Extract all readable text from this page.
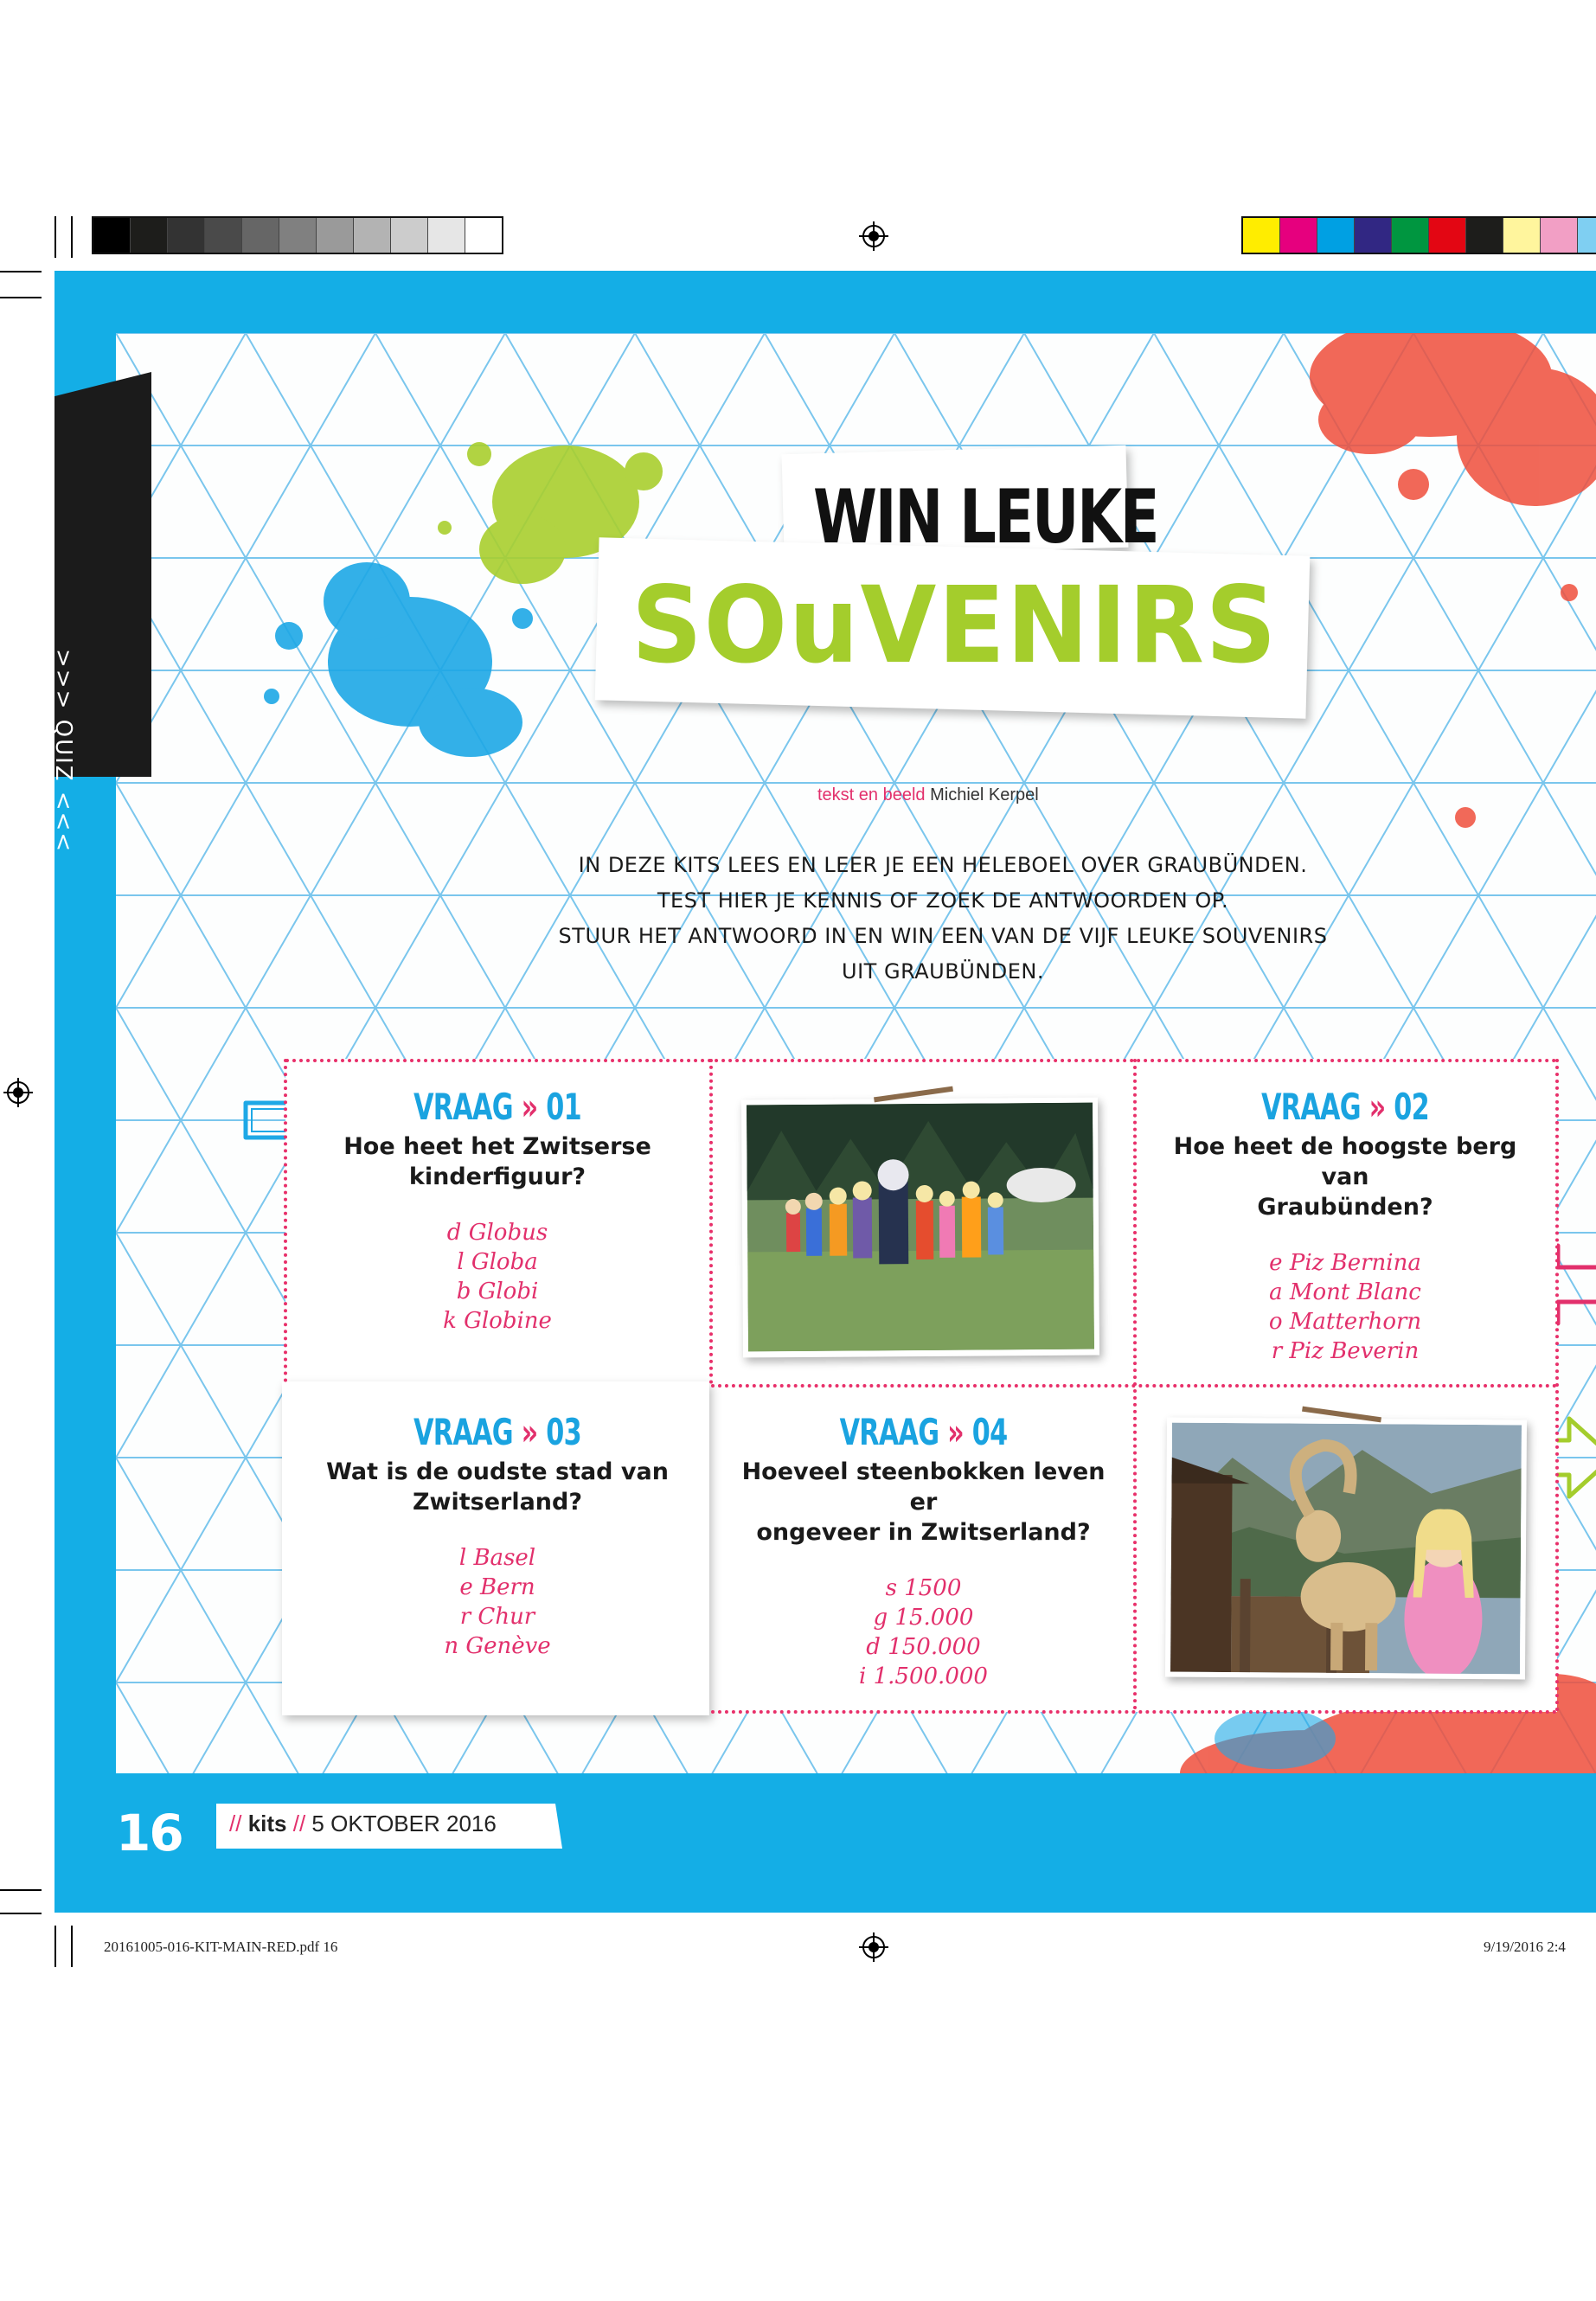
20161005-016-KIT-MAIN-RED.pdf 16	9/19/2016 2:4
>>> QUIZ <<<
WIN LEUKE
SOuVENIRS
tekst en beeld Michiel Kerpel
IN DEZE KITS LEES EN LEER JE EEN HELEBOEL OVER GRAUBÜNDEN.
TEST HIER JE KENNIS OF ZOEK DE ANTWOORDEN OP.
STUUR HET ANTWOORD IN EN WIN EEN VAN DE VIJF LEUKE SOUVENIRS
UIT GRAUBÜNDEN.
VRAAG » 01
Hoe heet het Zwitserse
kinderfiguur?
d Globus
l Globa
b Globi
k Globine
VRAAG » 02
Hoe heet de hoogste berg van
Graubünden?
e Piz Bernina
a Mont Blanc
o Matterhorn
r Piz Beverin
VRAAG » 03
Wat is de oudste stad van
Zwitserland?
l Basel
e Bern
r Chur
n Genève
VRAAG » 04
Hoeveel steenbokken leven er
ongeveer in Zwitserland?
s 1500
g 15.000
d 150.000
i 1.500.000
16 // kits // 5 OKTOBER 2016
